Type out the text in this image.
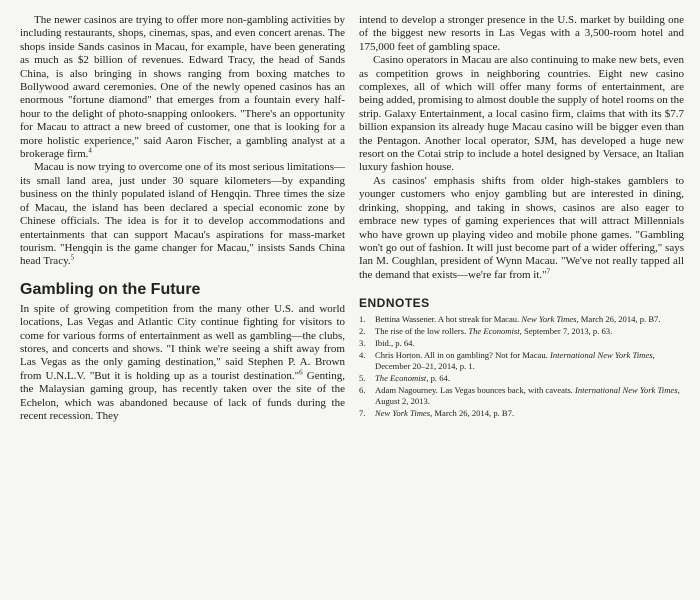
The newer casinos are trying to offer more non-gambling activities by including restaurants, shops, cinemas, spas, and even concert arenas. The shops inside Sands casinos in Macau, for example, have been generating as much as $2 billion of revenues. Edward Tracy, the head of Sands China, is also bringing in shows ranging from boxing matches to Bollywood award ceremonies. One of the newly opened casinos has an enormous "fortune diamond" that emerges from a fountain every half-hour to the delight of photo-snapping onlookers. "There's an opportunity for Macau to attract a new breed of customer, one that is looking for a more holistic experience," said Aaron Fischer, a gambling analyst at a brokerage firm.$^4$

Macau is now trying to overcome one of its most serious limitations—its small land area, just under 30 square kilometers—by expanding business on the thinly populated island of Hengqin. Three times the size of Macau, the island has been declared a special economic zone by Chinese officials. The idea is for it to develop accommodations and entertainments that can support Macau's aspirations for mass-market tourism. "Hengqin is the game changer for Macau," insists Sands China head Tracy.$^5$

Gambling on the Future

In spite of growing competition from the many other U.S. and world locations, Las Vegas and Atlantic City continue fighting for visitors to come for various forms of entertainment as well as gambling—the clubs, stores, and concerts and shows. "I think we're seeing a shift away from Las Vegas as the only gaming destination," said Stephen P. A. Brown from U.N.L.V. "But it is holding up as a tourist destination."$^6$ Genting, the Malaysian gaming group, has recently taken over the site of the Echelon, which was abandoned because of lack of funds during the recent recession. They

intend to develop a stronger presence in the U.S. market by building one of the biggest new resorts in Las Vegas with a 3,500-room hotel and 175,000 feet of gambling space.

Casino operators in Macau are also continuing to make new bets, even as competition grows in neighboring countries. Eight new casino complexes, all of which will offer many forms of entertainment, are being added, promising to almost double the supply of hotel rooms on the strip. Galaxy Entertainment, a local casino firm, claims that with its $7.7 billion expansion its already huge Macau casino will be bigger even than the Pentagon. Another local operator, SJM, has developed a huge new resort on the Cotai strip to include a hotel designed by Versace, an Italian luxury fashion house.

As casinos' emphasis shifts from older high-stakes gamblers to younger customers who enjoy gambling but are interested in dining, drinking, shopping, and taking in shows, casinos are also eager to embrace new types of gaming experiences that will attract Millennials who have grown up playing video and mobile phone games. "Gambling won't go out of fashion. It will just become part of a wider offering," says Ian M. Coughlan, president of Wynn Macau. "We've not really tapped all the demand that exists—we're far from it."$^7$

ENDNOTES
1.	Bettina Wassener. A hot streak for Macau. New York Times, March 26, 2014, p. B7.
2.	The rise of the low rollers. The Economist, September 7, 2013, p. 63.
3.	Ibid., p. 64.
4.	Chris Horton. All in on gambling? Not for Macau. International New York Times, December 20–21, 2014, p. 1.
5.	The Economist, p. 64.
6.	Adam Nagourney. Las Vegas bounces back, with caveats. International New York Times, August 2, 2013.
7.	New York Times, March 26, 2014, p. B7.
